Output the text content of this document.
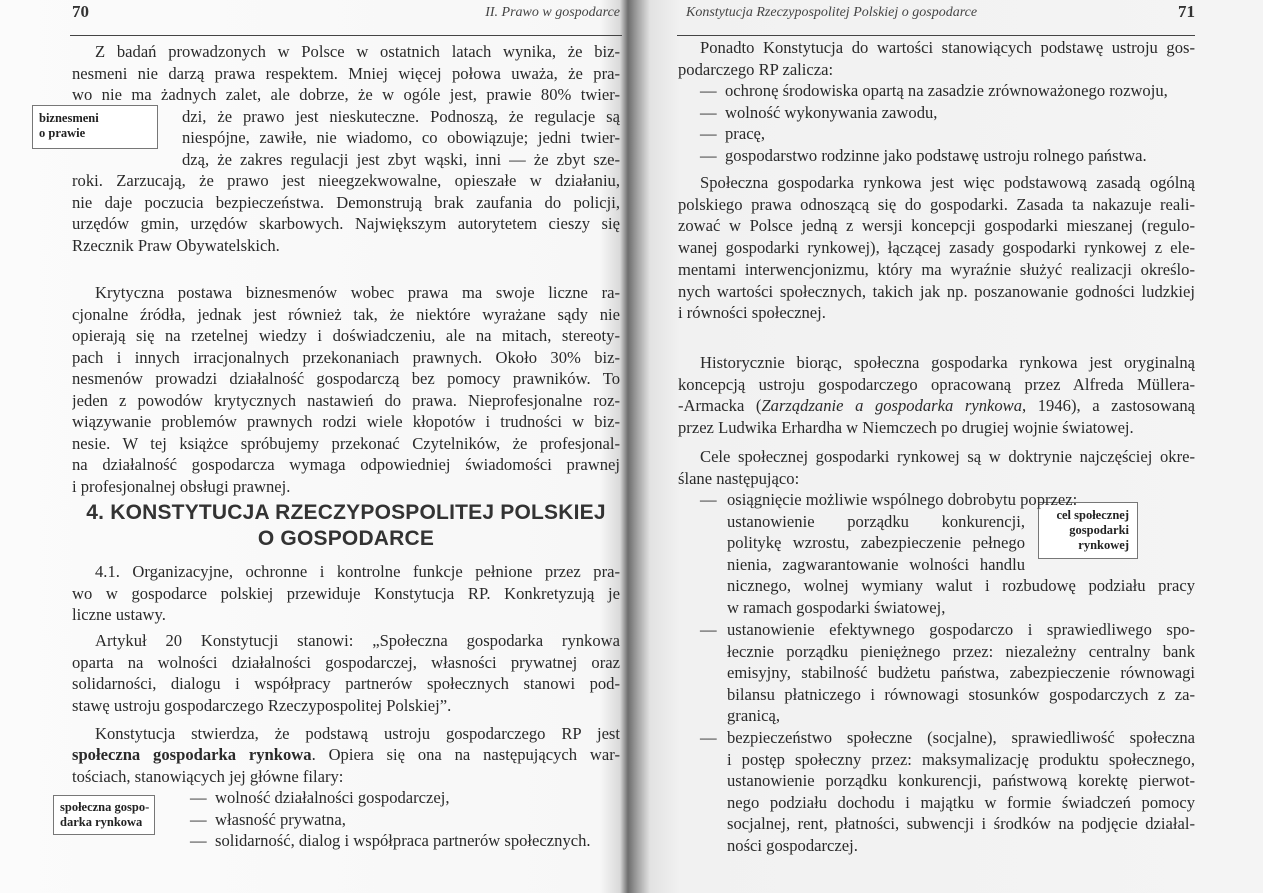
70	II. Prawo w gospodarce
biznesmeni
o prawie
społeczna gospo-
darka rynkowa
4. KONSTYTUCJA RZECZYPOSPOLITEJ POLSKIEJ
O GOSPODARCE
Konstytucja stwierdza, że podstawą ustroju gospodarczego RP jest
społeczna gospodarka rynkowa. Opiera się ona na następujących war-
tościach, stanowiących jej główne filary:
Z badań prowadzonych w Polsce w ostatnich latach wynika, że biz-
nesmeni nie darzą prawa respektem. Mniej więcej połowa uważa, że pra-
wo nie ma żadnych zalet, ale dobrze, że w ogóle jest, prawie 80% twier-
dzi, że prawo jest nieskuteczne. Podnoszą, że regulacje są
niespójne, zawiłe, nie wiadomo, co obowiązuje; jedni twier-
dzą, że zakres regulacji jest zbyt wąski, inni — że zbyt sze-
roki. Zarzucają, że prawo jest nieegzekwowalne, opieszałe w działaniu,
nie daje poczucia bezpieczeństwa. Demonstrują brak zaufania do policji,
urzędów gmin, urzędów skarbowych. Największym autorytetem cieszy się
Rzecznik Praw Obywatelskich.
Krytyczna postawa biznesmenów wobec prawa ma swoje liczne ra-
cjonalne źródła, jednak jest również tak, że niektóre wyrażane sądy nie
opierają się na rzetelnej wiedzy i doświadczeniu, ale na mitach, stereoty-
pach i innych irracjonalnych przekonaniach prawnych. Około 30% biz-
nesmenów prowadzi działalność gospodarczą bez pomocy prawników. To
jeden z powodów krytycznych nastawień do prawa. Nieprofesjonalne roz-
wiązywanie problemów prawnych rodzi wiele kłopotów i trudności w biz-
nesie. W tej książce spróbujemy przekonać Czytelników, że profesjonal-
na działalność gospodarcza wymaga odpowiedniej świadomości prawnej
i profesjonalnej obsługi prawnej.
4.1. Organizacyjne, ochronne i kontrolne funkcje pełnione przez pra-
wo w gospodarce polskiej przewiduje Konstytucja RP. Konkretyzują je
liczne ustawy.
Artykuł 20 Konstytucji stanowi: „Społeczna gospodarka rynkowa
oparta na wolności działalności gospodarczej, własności prywatnej oraz
solidarności, dialogu i współpracy partnerów społecznych stanowi pod-
stawę ustroju gospodarczego Rzeczypospolitej Polskiej”.
— wolność działalności gospodarczej,
— własność prywatna,
— solidarność, dialog i współpraca partnerów społecznych.
Konstytucja Rzeczypospolitej Polskiej o gospodarce	71
cel społecznej
gospodarki
rynkowej
-Armacka (Zarządzanie a gospodarka rynkowa, 1946), a zastosowaną
przez Ludwika Erhardha w Niemczech po drugiej wojnie światowej.
Ponadto Konstytucja do wartości stanowiących podstawę ustroju gos-
podarczego RP zalicza:
— ochronę środowiska opartą na zasadzie zrównoważonego rozwoju,
— wolność wykonywania zawodu,
— pracę,
— gospodarstwo rodzinne jako podstawę ustroju rolnego państwa.
Społeczna gospodarka rynkowa jest więc podstawową zasadą ogólną
polskiego prawa odnoszącą się do gospodarki. Zasada ta nakazuje reali-
zować w Polsce jedną z wersji koncepcji gospodarki mieszanej (regulo-
wanej gospodarki rynkowej), łączącej zasady gospodarki rynkowej z ele-
mentami interwencjonizmu, który ma wyraźnie służyć realizacji określo-
nych wartości społecznych, takich jak np. poszanowanie godności ludzkiej
i równości społecznej.
Historycznie biorąc, społeczna gospodarka rynkowa jest oryginalną
koncepcją ustroju gospodarczego opracowaną przez Alfreda Müllera-
Cele społecznej gospodarki rynkowej są w doktrynie najczęściej okre-
ślane następująco:
— osiągnięcie możliwie wspólnego dobrobytu poprzez:
ustanowienie porządku konkurencji,
politykę wzrostu, zabezpieczenie pełnego
nienia, zagwarantowanie wolności handlu
nicznego, wolnej wymiany walut i rozbudowę podziału pracy
w ramach gospodarki światowej,
— ustanowienie efektywnego gospodarczo i sprawiedliwego spo-
łecznie porządku pieniężnego przez: niezależny centralny bank
emisyjny, stabilność budżetu państwa, zabezpieczenie równowagi
bilansu płatniczego i równowagi stosunków gospodarczych z za-
granicą,
— bezpieczeństwo społeczne (socjalne), sprawiedliwość społeczna
i postęp społeczny przez: maksymalizację produktu społecznego,
ustanowienie porządku konkurencji, państwową korektę pierwot-
nego podziału dochodu i majątku w formie świadczeń pomocy
socjalnej, rent, płatności, subwencji i środków na podjęcie działal-
ności gospodarczej.
